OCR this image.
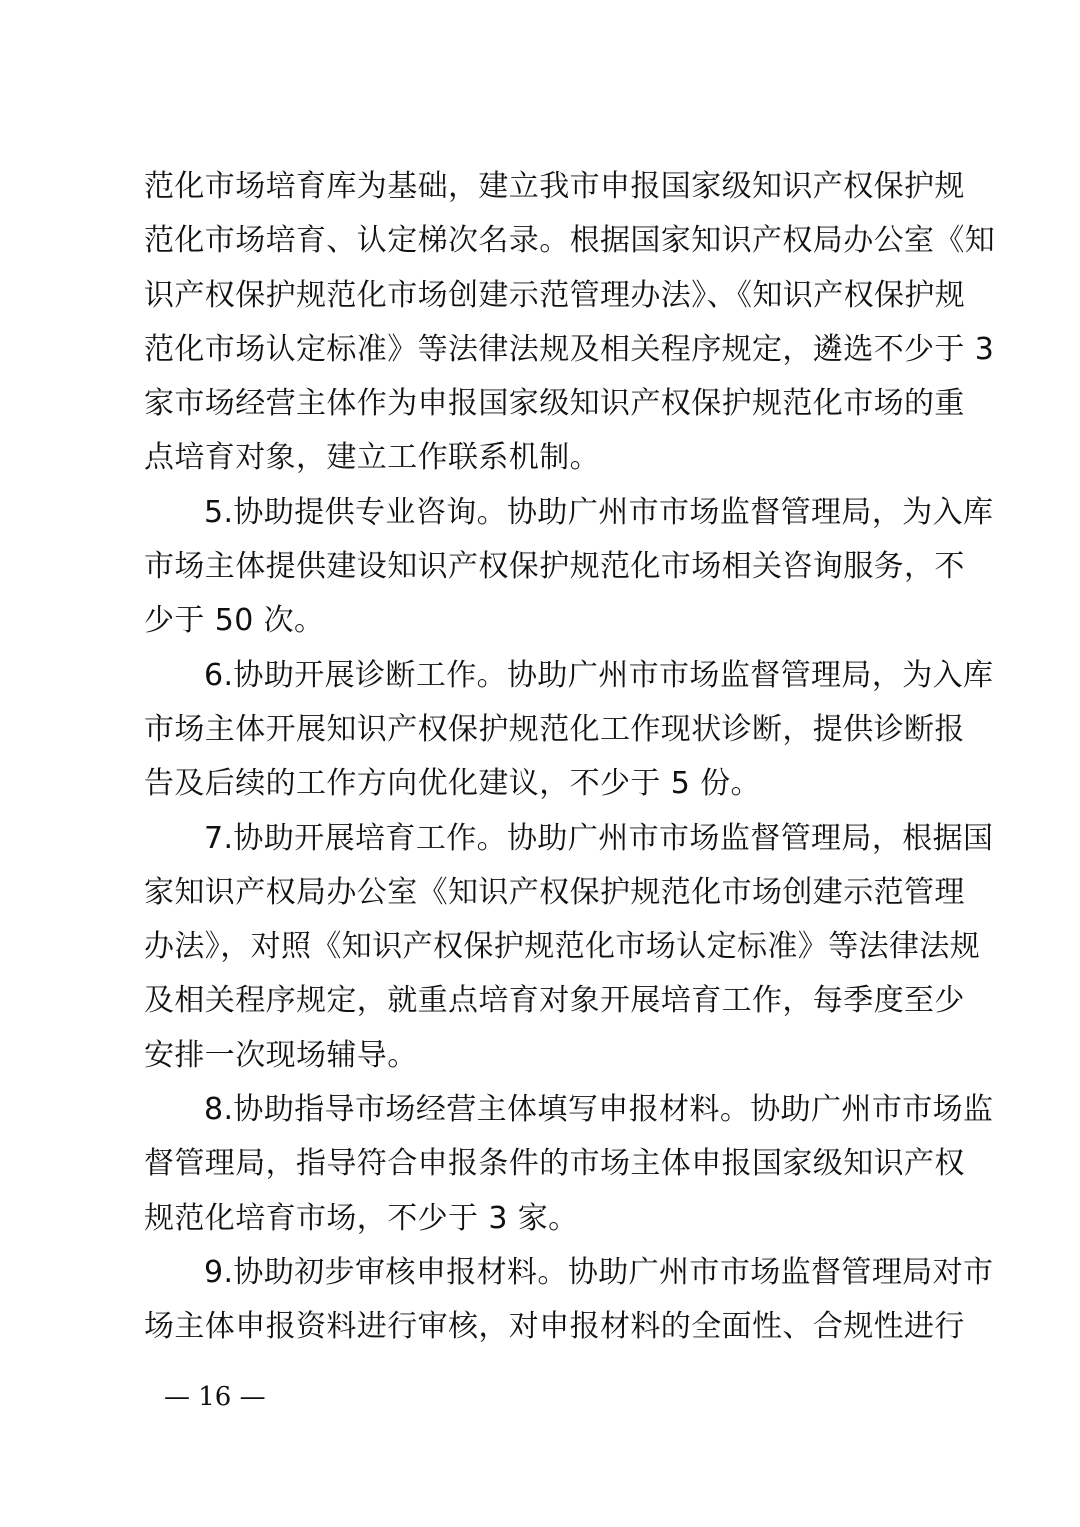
范化市场培育库为基础，建立我市申报国家级知识产权保护规
范化市场培育、认定梯次名录。根据国家知识产权局办公室《知
识产权保护规范化市场创建示范管理办法》、《知识产权保护规
范化市场认定标准》等法律法规及相关程序规定，遴选不少于 3
家市场经营主体作为申报国家级知识产权保护规范化市场的重
点培育对象，建立工作联系机制。
5.协助提供专业咨询。协助广州市市场监督管理局，为入库
市场主体提供建设知识产权保护规范化市场相关咨询服务，不
少于 50 次。
6.协助开展诊断工作。协助广州市市场监督管理局，为入库
市场主体开展知识产权保护规范化工作现状诊断，提供诊断报
告及后续的工作方向优化建议，不少于 5 份。
7.协助开展培育工作。协助广州市市场监督管理局，根据国
家知识产权局办公室《知识产权保护规范化市场创建示范管理
办法》，对照《知识产权保护规范化市场认定标准》等法律法规
及相关程序规定，就重点培育对象开展培育工作，每季度至少
安排一次现场辅导。
8.协助指导市场经营主体填写申报材料。协助广州市市场监
督管理局，指导符合申报条件的市场主体申报国家级知识产权
规范化培育市场，不少于 3 家。
9.协助初步审核申报材料。协助广州市市场监督管理局对市
场主体申报资料进行审核，对申报材料的全面性、合规性进行
— 16 —
